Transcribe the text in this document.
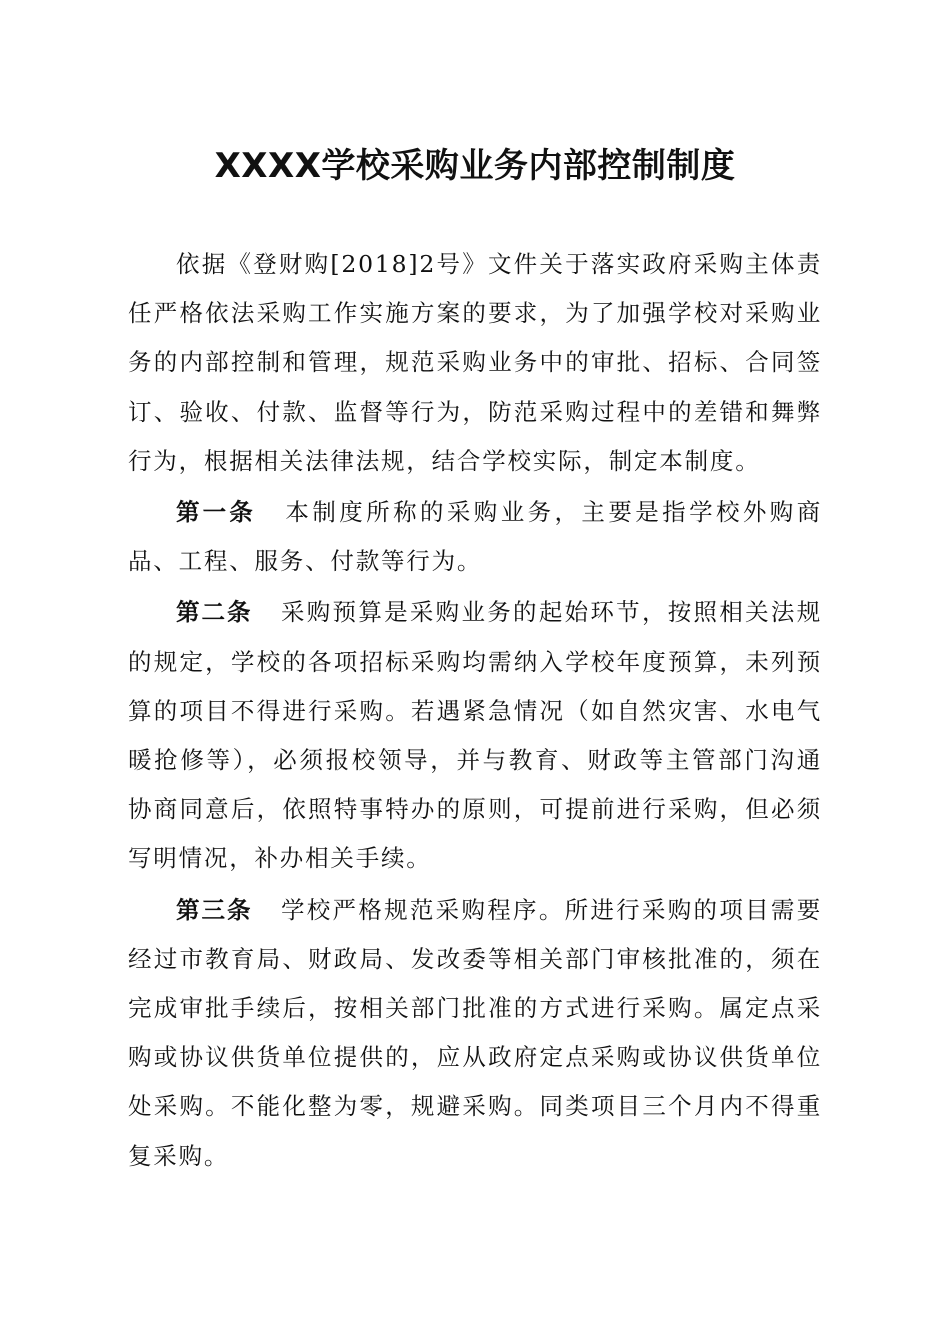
XXXX学校采购业务内部控制制度

依据《登财购[2018]2号》文件关于落实政府采购主体责任严格依法采购工作实施方案的要求，为了加强学校对采购业务的内部控制和管理，规范采购业务中的审批、招标、合同签订、验收、付款、监督等行为，防范采购过程中的差错和舞弊行为，根据相关法律法规，结合学校实际，制定本制度。

第一条 本制度所称的采购业务，主要是指学校外购商品、工程、服务、付款等行为。

第二条 采购预算是采购业务的起始环节，按照相关法规的规定，学校的各项招标采购均需纳入学校年度预算，未列预算的项目不得进行采购。若遇紧急情况（如自然灾害、水电气暖抢修等），必须报校领导，并与教育、财政等主管部门沟通协商同意后，依照特事特办的原则，可提前进行采购，但必须写明情况，补办相关手续。

第三条 学校严格规范采购程序。所进行采购的项目需要经过市教育局、财政局、发改委等相关部门审核批准的，须在完成审批手续后，按相关部门批准的方式进行采购。属定点采购或协议供货单位提供的，应从政府定点采购或协议供货单位处采购。不能化整为零，规避采购。同类项目三个月内不得重复采购。
